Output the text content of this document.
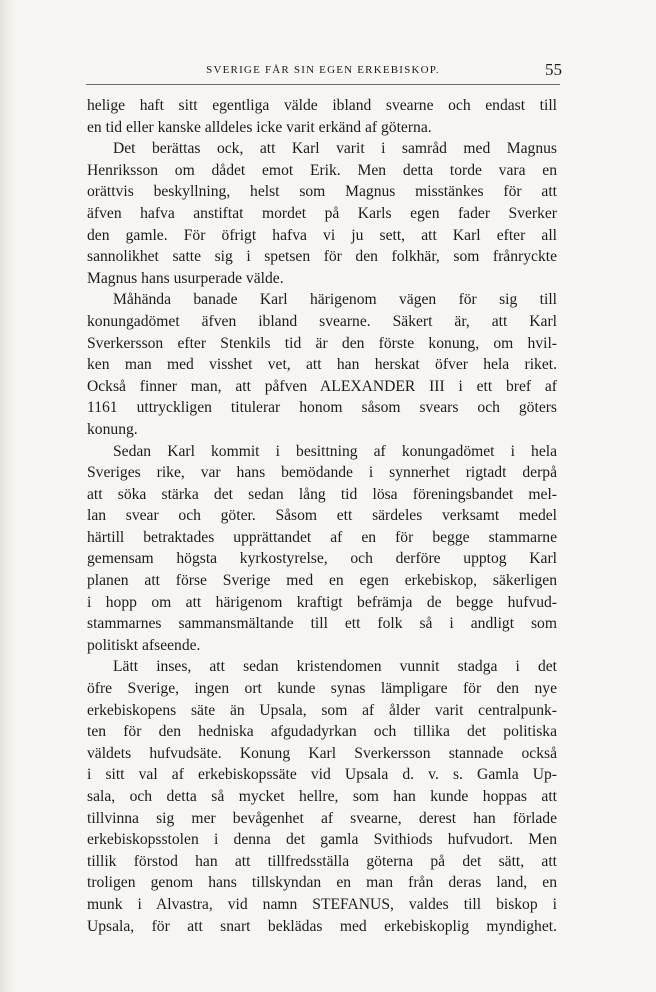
SVERIGE FÅR SIN EGEN ERKEBISKOP.	55
helige haft sitt egentliga välde ibland svearne och endast till
en tid eller kanske alldeles icke varit erkänd af göterna.
Det berättas ock, att Karl varit i samråd med Magnus
Henriksson om dådet emot Erik. Men detta torde vara en
orättvis beskyllning, helst som Magnus misstänkes för att
äfven hafva anstiftat mordet på Karls egen fader Sverker
den gamle. För öfrigt hafva vi ju sett, att Karl efter all
sannolikhet satte sig i spetsen för den folkhär, som frånryckte
Magnus hans usurperade välde.
Måhända banade Karl härigenom vägen för sig till
konungadömet äfven ibland svearne. Säkert är, att Karl
Sverkersson efter Stenkils tid är den förste konung, om hvil-
ken man med visshet vet, att han herskat öfver hela riket.
Också finner man, att påfven ALEXANDER III i ett bref af
1161 uttryckligen titulerar honom såsom svears och göters
konung.
Sedan Karl kommit i besittning af konungadömet i hela
Sveriges rike, var hans bemödande i synnerhet rigtadt derpå
att söka stärka det sedan lång tid lösa föreningsbandet mel-
lan svear och göter. Såsom ett särdeles verksamt medel
härtill betraktades upprättandet af en för begge stammarne
gemensam högsta kyrkostyrelse, och derföre upptog Karl
planen att förse Sverige med en egen erkebiskop, säkerligen
i hopp om att härigenom kraftigt befrämja de begge hufvud-
stammarnes sammansmältande till ett folk så i andligt som
politiskt afseende.
Lätt inses, att sedan kristendomen vunnit stadga i det
öfre Sverige, ingen ort kunde synas lämpligare för den nye
erkebiskopens säte än Upsala, som af ålder varit centralpunk-
ten för den hedniska afgudadyrkan och tillika det politiska
väldets hufvudsäte. Konung Karl Sverkersson stannade också
i sitt val af erkebiskopssäte vid Upsala d. v. s. Gamla Up-
sala, och detta så mycket hellre, som han kunde hoppas att
tillvinna sig mer bevågenhet af svearne, derest han förlade
erkebiskopsstolen i denna det gamla Svithiods hufvudort. Men
tillik förstod han att tillfredsställa göterna på det sätt, att
troligen genom hans tillskyndan en man från deras land, en
munk i Alvastra, vid namn STEFANUS, valdes till biskop i
Upsala, för att snart beklädas med erkebiskoplig myndighet.
